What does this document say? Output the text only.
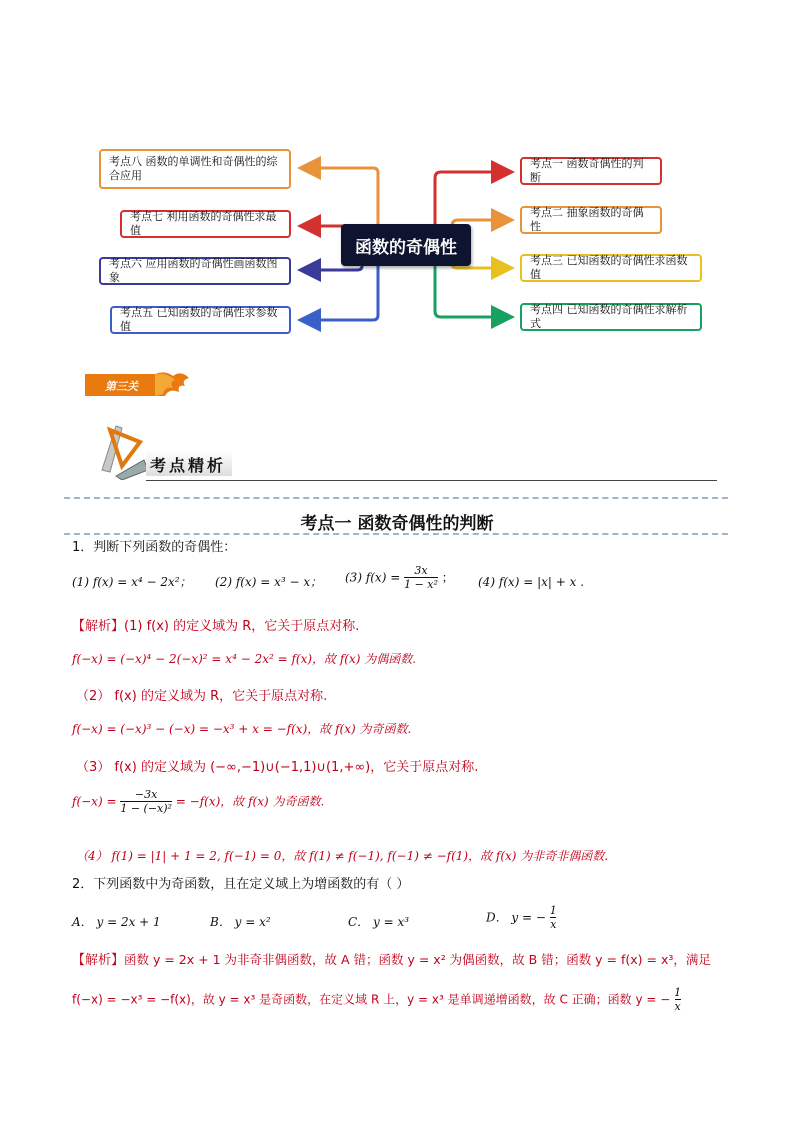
考点八 函数的单调性和奇偶性的综合应用
考点七 利用函数的奇偶性求最值
考点六 应用函数的奇偶性画函数图象
考点五 已知函数的奇偶性求参数值
函数的奇偶性
考点一 函数奇偶性的判断
考点二 抽象函数的奇偶性
考点三 已知函数的奇偶性求函数值
考点四 已知函数的奇偶性求解析式
第三关
考点精析
考点一 函数奇偶性的判断
1．判断下列函数的奇偶性：
(1) f(x) = x⁴ − 2x²； (2) f(x) = x³ − x； (3) $f(x) = \frac{3x}{\text{1 − x²}}$ ； (4) f(x) = |x| + x .
【解析】(1) f(x) 的定义域为 R，它关于原点对称.
f(−x) = (−x)⁴ − 2(−x)² = x⁴ − 2x² = f(x)，故 f(x) 为偶函数.
（2） f(x) 的定义域为 R，它关于原点对称.
f(−x) = (−x)³ − (−x) = −x³ + x = −f(x)，故 f(x) 为奇函数.
（3） f(x) 的定义域为 (−∞,−1)∪(−1,1)∪(1,+∞)，它关于原点对称.
$f(-x) = \frac{-3x}{\text{1 − (−x)²}} = -f(x)$，故 f(x) 为奇函数.
（4） f(1) = |1| + 1 = 2, f(−1) = 0，故 f(1) ≠ f(−1), f(−1) ≠ −f(1)，故 f(x) 为非奇非偶函数.
2．下列函数中为奇函数，且在定义域上为增函数的有（ ）
A． y = 2x + 1	B． y = x²	C． y = x³	D． y = − $\frac{1}{x}$
【解析】函数 y = 2x + 1 为非奇非偶函数，故 A 错；函数 y = x² 为偶函数，故 B 错；函数 y = f(x) = x³，满足
f(−x) = −x³ = −f(x)，故 y = x³ 是奇函数，在定义域 R 上，y = x³ 是单调递增函数，故 C 正确；函数 y = − $\frac{1}{x}$
